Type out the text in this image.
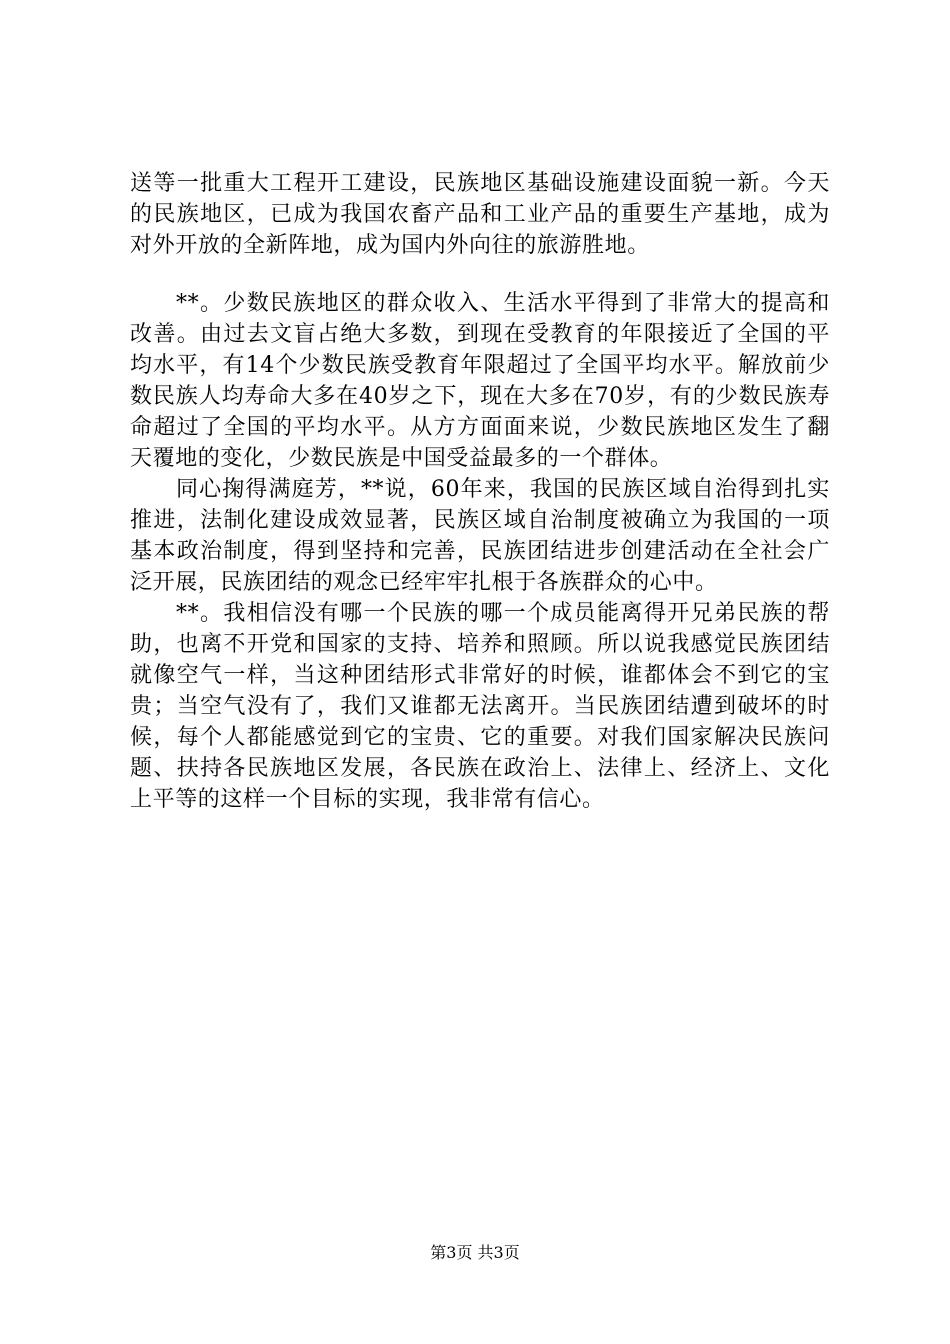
送等一批重大工程开工建设，民族地区基础设施建设面貌一新。今天的民族地区，已成为我国农畜产品和工业产品的重要生产基地，成为对外开放的全新阵地，成为国内外向往的旅游胜地。

**。少数民族地区的群众收入、生活水平得到了非常大的提高和改善。由过去文盲占绝大多数，到现在受教育的年限接近了全国的平均水平，有14个少数民族受教育年限超过了全国平均水平。解放前少数民族人均寿命大多在40岁之下，现在大多在70岁，有的少数民族寿命超过了全国的平均水平。从方方面面来说，少数民族地区发生了翻天覆地的变化，少数民族是中国受益最多的一个群体。

同心掬得满庭芳，**说，60年来，我国的民族区域自治得到扎实推进，法制化建设成效显著，民族区域自治制度被确立为我国的一项基本政治制度，得到坚持和完善，民族团结进步创建活动在全社会广泛开展，民族团结的观念已经牢牢扎根于各族群众的心中。

**。我相信没有哪一个民族的哪一个成员能离得开兄弟民族的帮助，也离不开党和国家的支持、培养和照顾。所以说我感觉民族团结就像空气一样，当这种团结形式非常好的时候，谁都体会不到它的宝贵；当空气没有了，我们又谁都无法离开。当民族团结遭到破坏的时候，每个人都能感觉到它的宝贵、它的重要。对我们国家解决民族问题、扶持各民族地区发展，各民族在政治上、法律上、经济上、文化上平等的这样一个目标的实现，我非常有信心。

第3页 共3页
